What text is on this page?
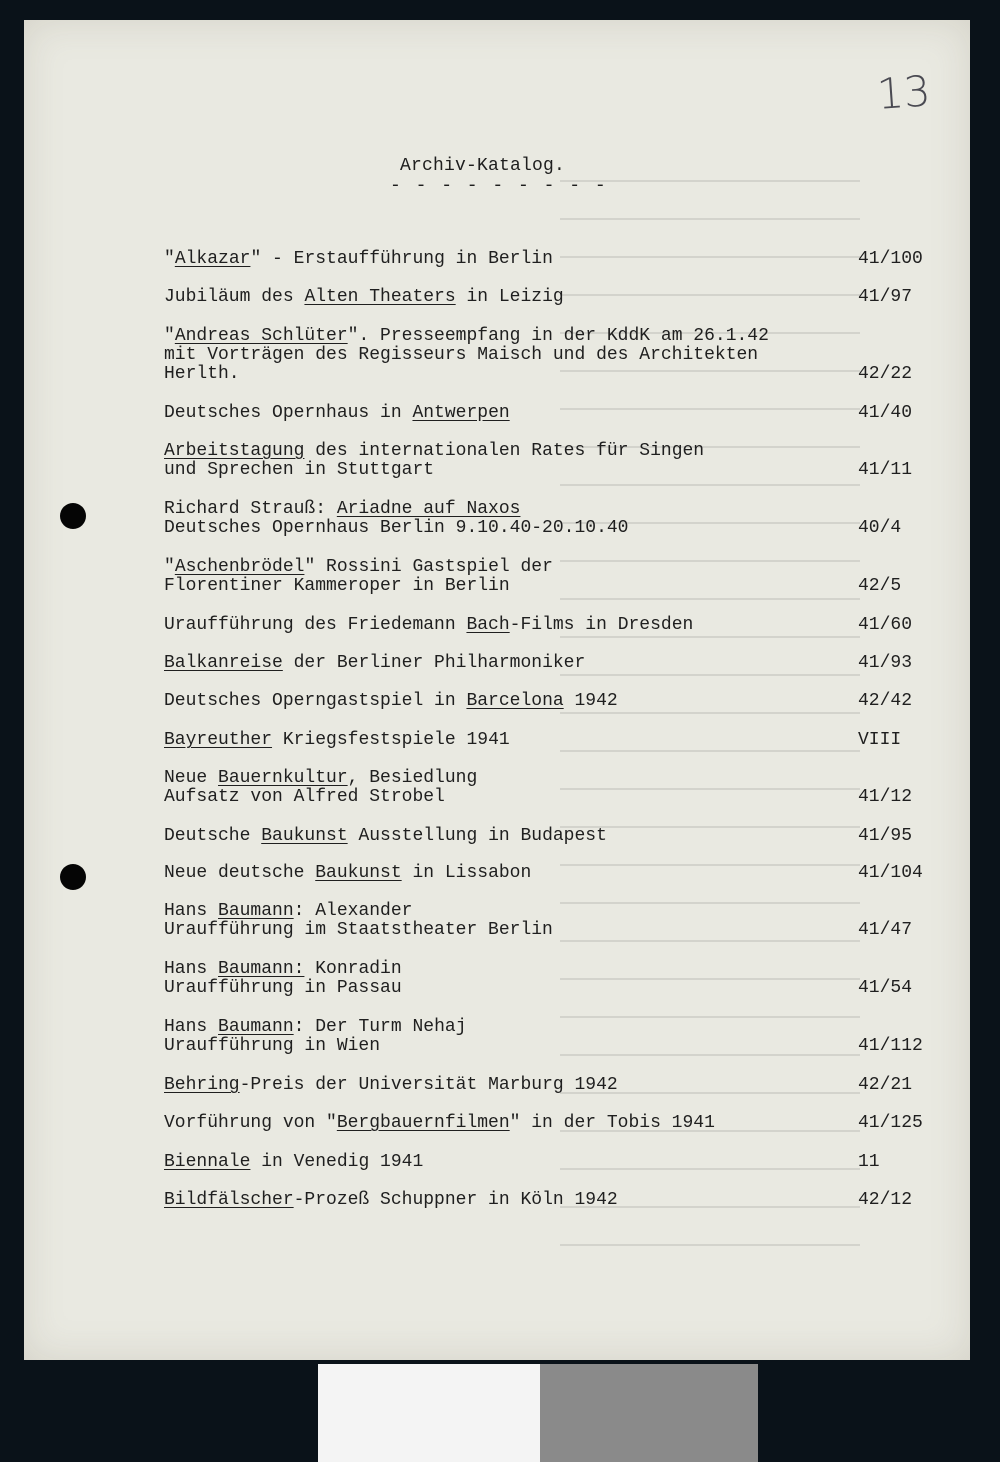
13
Archiv-Katalog.
- - - - - - - - -
"Alkazar" - Erstaufführung in Berlin	41/100
Jubiläum des Alten Theaters in Leizig	41/97
"Andreas Schlüter". Presseempfang in der KddK am 26.1.42
mit Vorträgen des Regisseurs Maisch und des Architekten
Herlth.	42/22
Deutsches Opernhaus in Antwerpen	41/40
Arbeitstagung des internationalen Rates für Singen
und Sprechen in Stuttgart	41/11
Richard Strauß: Ariadne auf Naxos
Deutsches Opernhaus Berlin 9.10.40-20.10.40	40/4
"Aschenbrödel" Rossini Gastspiel der
Florentiner Kammeroper in Berlin	42/5
Uraufführung des Friedemann Bach-Films in Dresden	41/60
Balkanreise der Berliner Philharmoniker	41/93
Deutsches Operngastspiel in Barcelona 1942	42/42
Bayreuther Kriegsfestspiele 1941	VIII
Neue Bauernkultur, Besiedlung
Aufsatz von Alfred Strobel	41/12
Deutsche Baukunst Ausstellung in Budapest	41/95
Neue deutsche Baukunst in Lissabon	41/104
Hans Baumann: Alexander
Uraufführung im Staatstheater Berlin	41/47
Hans Baumann: Konradin
Uraufführung in Passau	41/54
Hans Baumann: Der Turm Nehaj
Uraufführung in Wien	41/112
Behring-Preis der Universität Marburg 1942	42/21
Vorführung von "Bergbauernfilmen" in der Tobis 1941	41/125
Biennale in Venedig 1941	11
Bildfälscher-Prozeß Schuppner in Köln 1942	42/12
